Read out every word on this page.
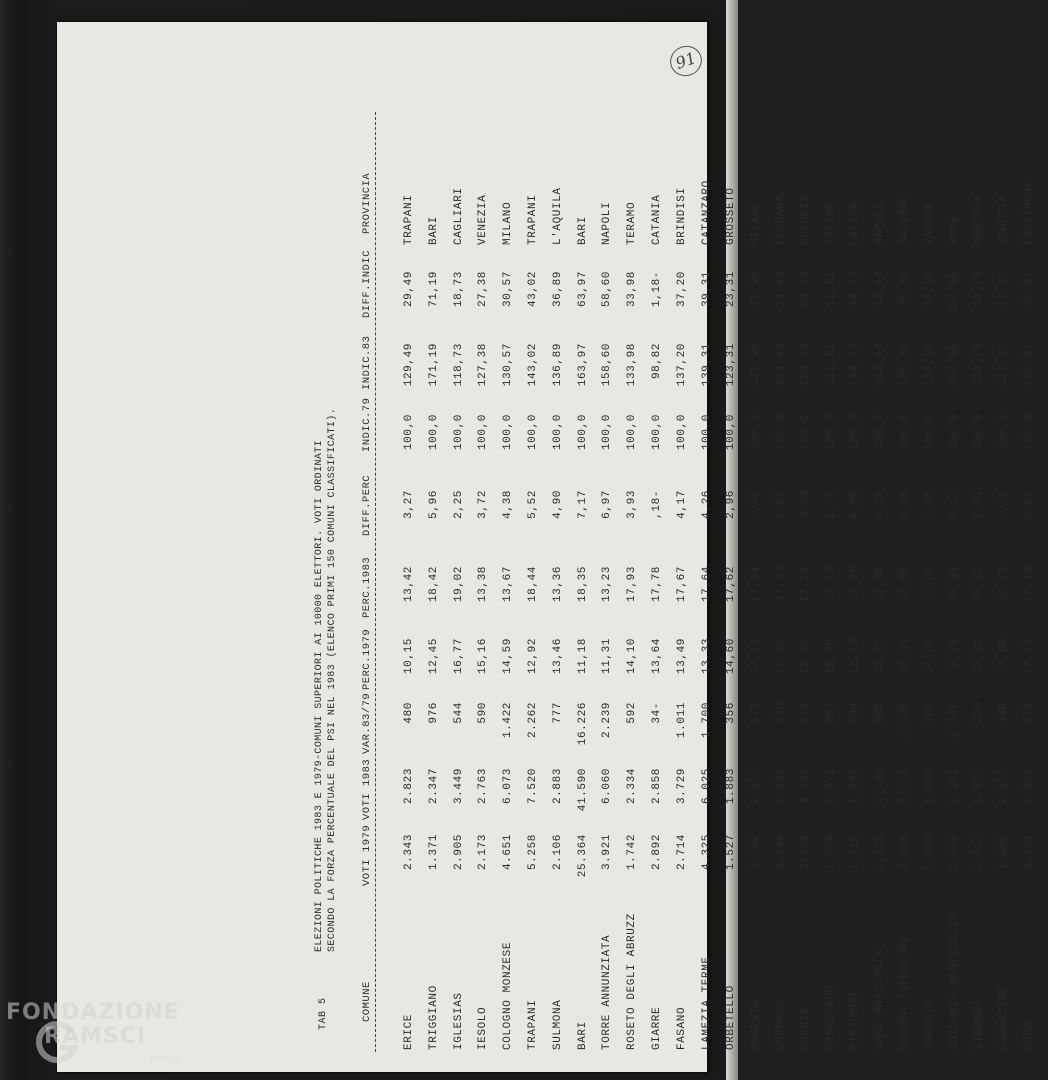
91
TAB 5
ELEZIONI POLITICHE 1983 E 1979-COMUNI SUPERIORI AI 10000 ELETTORI. VOTI ORDINATI SECONDO LA FORZA PERCENTUALE DEL PSI NEL 1983 (ELENCO PRIMI 150 COMUNI CLASSIFICATI).
COMUNE
VOTI 1979
VOTI 1983
VAR.83/79
PERC.1979
PERC.1983
DIFF.PERC
INDIC.79
INDIC.83
DIFF.INDIC
PROVINCIA
ERICE
2.343
2.823
480
10,15
13,42
3,27
100,0
129,49
29,49
TRAPANI
TRIGGIANO
1.371
2.347
976
12,45
18,42
5,96
100,0
171,19
71,19
BARI
IGLESIAS
2.905
3.449
544
16,77
19,02
2,25
100,0
118,73
18,73
CAGLIARI
IESOLO
2.173
2.763
590
15,16
13,38
3,72
100,0
127,38
27,38
VENEZIA
COLOGNO MONZESE
4.651
6.073
1.422
14,59
13,67
4,38
100,0
130,57
30,57
MILANO
TRAPANI
5.258
7.520
2.262
12,92
18,44
5,52
100,0
143,02
43,02
TRAPANI
SULMONA
2.106
2.883
777
13,46
13,36
4,90
100,0
136,89
36,89
L'AQUILA
BARI
25.364
41.590
16.226
11,18
18,35
7,17
100,0
163,97
63,97
BARI
TORRE ANNUNZIATA
3.921
6.060
2.239
11,31
13,23
6,97
100,0
158,60
58,60
NAPOLI
ROSETO DEGLI ABRUZZ
1.742
2.334
592
14,10
17,93
3,93
100,0
133,98
33,98
TERAMO
GIARRE
2.892
2.858
34-
13,64
17,78
,18-
100,0
98,82
1,18-
CATANIA
FASANO
2.714
3.729
1.011
13,49
17,67
4,17
100,0
137,20
37,20
BRINDISI
LAMEZIA TERME
4.325
6.025
1.700
13,33
17,64
4,26
100,0
139,31
39,31
CATANZARO
ORBETELLO
1.527
1.883
356
14,60
17,62
2,96
100,0
123,31
23,31
GROSSETO
MAGENTA
2.280
2.852
572
14,11
17,54
3,43
100,0
125,09
25,09
MILANO
COPPARO
2.344
2.683
339
15,26
17,33
2,07
100,0
114,46
14,46
FERRARA
GUBBIO
2.894
3.709
815
13,69
17,29
3,60
100,0
128,16
28,16
PERUGIA
ORBASSANO
1.864
2.071
207
15,46
17,19
1,73
100,0
111,11
11,11
TORINO
MINTURNO
1.310
1.896
586
12,10
17,09
4,99
100,0
144,73
44,73
LATINA
SANT'ANASTASIA
1.531
2.196
665
12,77
17,06
4,29
100,0
143,44
43,44
NAPOLI
NOCERA INFERIORE
3.036
5.172
2.136
10,39
17,05
6,66
100,0
170,36
70,36
SALERNO
TRADATE
1.563
1.863
300
14,07
17,02
2,95
100,0
119,19
19,19
VARESE
GUIDONIA MONTECELIO
2.454
5.101
2.647
8,76
16,93
8,17
100,0
207,86
107,86
ROMA
VIADANA
1.617
1.937
320
13,81
16,82
3,01
100,0
119,79
19,79
MANTOVA
CAVARZERE
1.609
2.055
446
13,09
16,79
3,71
100,0
127,72
27,72
VENEZIA
SORA
2.191
2.866
675
13,17
16,79
3,62
100,0
130,81
30,81
FROSINONE
FONDAZIONE
RAMSCI
onlus
